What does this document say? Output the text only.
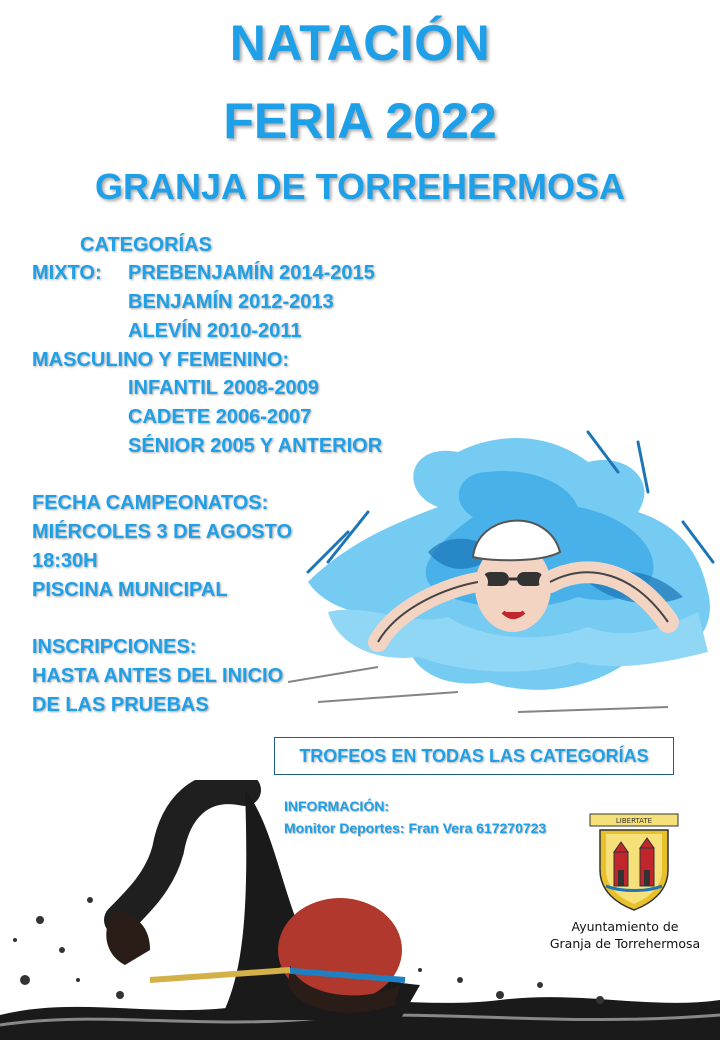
NATACIÓN
FERIA 2022
GRANJA DE TORREHERMOSA
CATEGORÍAS
MIXTO: PREBENJAMÍN 2014-2015
BENJAMÍN 2012-2013
ALEVÍN 2010-2011
MASCULINO Y FEMENINO:
INFANTIL 2008-2009
CADETE 2006-2007
SÉNIOR 2005 Y ANTERIOR
FECHA CAMPEONATOS:
MIÉRCOLES 3 DE AGOSTO
18:30H
PISCINA MUNICIPAL
INSCRIPCIONES:
HASTA ANTES DEL INICIO
DE LAS PRUEBAS
TROFEOS EN TODAS LAS CATEGORÍAS
INFORMACIÓN:
Monitor Deportes: Fran Vera 617270723	LIBERTATE
Ayuntamiento de
Granja de Torrehermosa
